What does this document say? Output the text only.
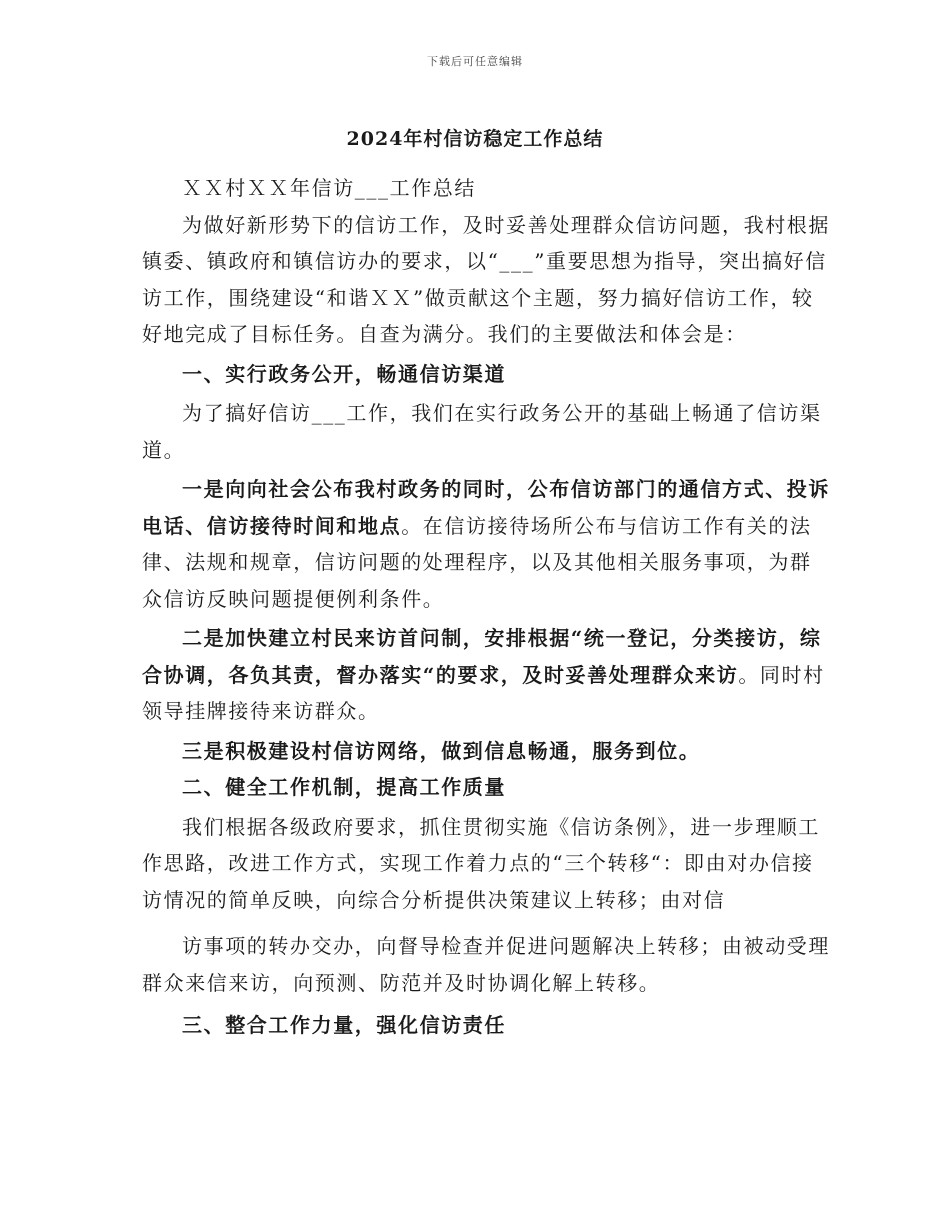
下载后可任意编辑
2024年村信访稳定工作总结

ＸＸ村ＸＸ年信访___工作总结

为做好新形势下的信访工作，及时妥善处理群众信访问题，我村根据镇委、镇政府和镇信访办的要求，以“___”重要思想为指导，突出搞好信访工作，围绕建设“和谐ＸＸ”做贡献这个主题，努力搞好信访工作，较好地完成了目标任务。自查为满分。我们的主要做法和体会是：

一、实行政务公开，畅通信访渠道

为了搞好信访___工作，我们在实行政务公开的基础上畅通了信访渠道。

一是向向社会公布我村政务的同时，公布信访部门的通信方式、投诉电话、信访接待时间和地点。在信访接待场所公布与信访工作有关的法律、法规和规章，信访问题的处理程序，以及其他相关服务事项，为群众信访反映问题提便例利条件。

二是加快建立村民来访首问制，安排根据“统一登记，分类接访，综合协调，各负其责，督办落实“的要求，及时妥善处理群众来访。同时村领导挂牌接待来访群众。

三是积极建设村信访网络，做到信息畅通，服务到位。

二、健全工作机制，提高工作质量

我们根据各级政府要求，抓住贯彻实施《信访条例》，进一步理顺工作思路，改进工作方式，实现工作着力点的“三个转移“：即由对办信接访情况的简单反映，向综合分析提供决策建议上转移；由对信

访事项的转办交办，向督导检查并促进问题解决上转移；由被动受理群众来信来访，向预测、防范并及时协调化解上转移。

三、整合工作力量，强化信访责任
